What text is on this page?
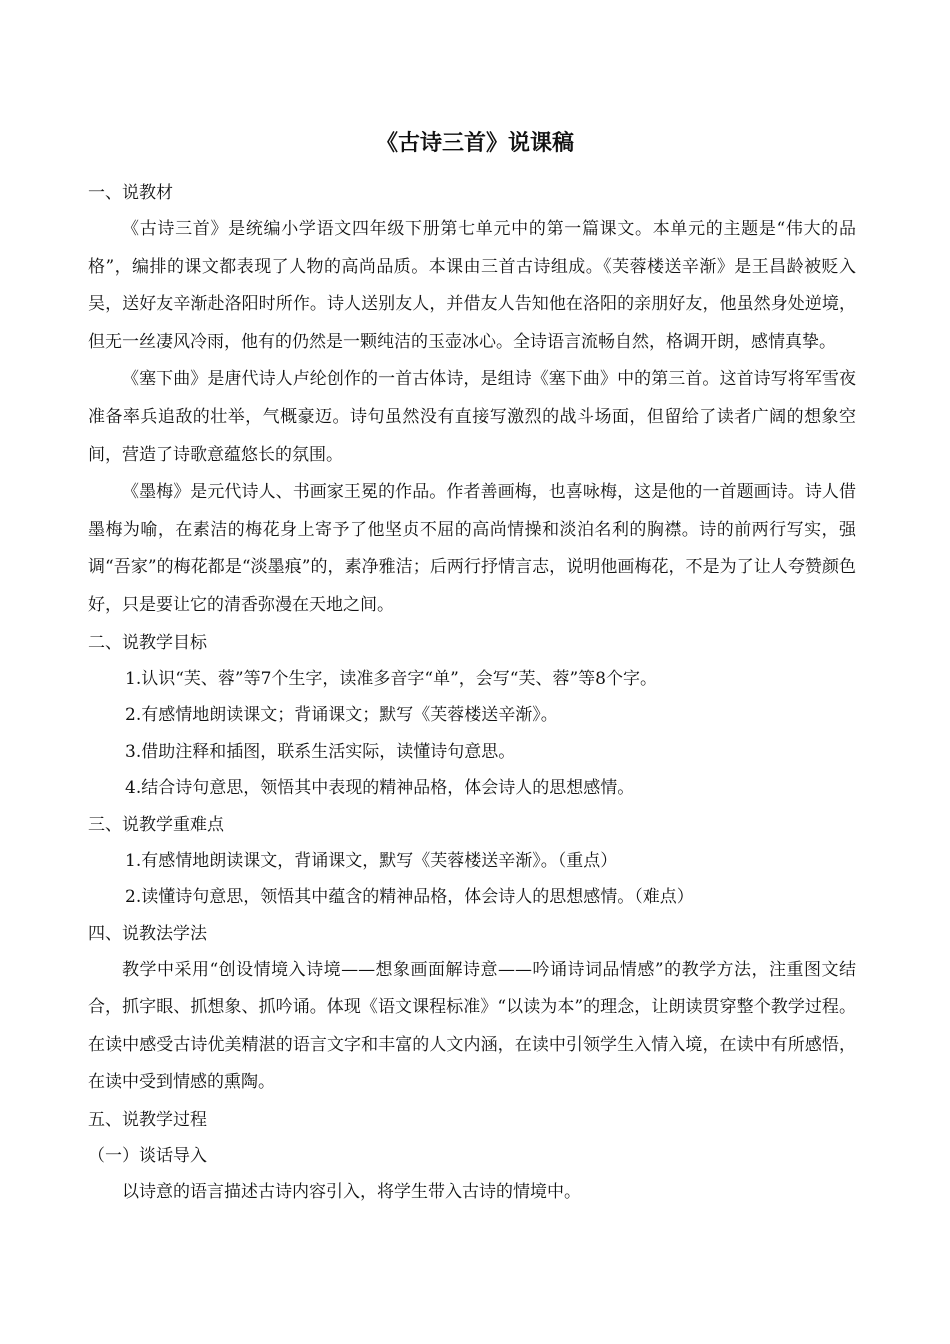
《古诗三首》说课稿

一、说教材

《古诗三首》是统编小学语文四年级下册第七单元中的第一篇课文。本单元的主题是“伟大的品格”，编排的课文都表现了人物的高尚品质。本课由三首古诗组成。《芙蓉楼送辛渐》是王昌龄被贬入吴，送好友辛渐赴洛阳时所作。诗人送别友人，并借友人告知他在洛阳的亲朋好友，他虽然身处逆境，但无一丝凄风冷雨，他有的仍然是一颗纯洁的玉壶冰心。全诗语言流畅自然，格调开朗，感情真挚。

《塞下曲》是唐代诗人卢纶创作的一首古体诗，是组诗《塞下曲》中的第三首。这首诗写将军雪夜准备率兵追敌的壮举，气概豪迈。诗句虽然没有直接写激烈的战斗场面，但留给了读者广阔的想象空间，营造了诗歌意蕴悠长的氛围。

《墨梅》是元代诗人、书画家王冕的作品。作者善画梅，也喜咏梅，这是他的一首题画诗。诗人借墨梅为喻，在素洁的梅花身上寄予了他坚贞不屈的高尚情操和淡泊名利的胸襟。诗的前两行写实，强调“吾家”的梅花都是“淡墨痕”的，素净雅洁；后两行抒情言志，说明他画梅花，不是为了让人夸赞颜色好，只是要让它的清香弥漫在天地之间。

二、说教学目标

1.认识“芙、蓉”等7个生字，读准多音字“单”，会写“芙、蓉”等8个字。

2.有感情地朗读课文；背诵课文；默写《芙蓉楼送辛渐》。

3.借助注释和插图，联系生活实际，读懂诗句意思。

4.结合诗句意思，领悟其中表现的精神品格，体会诗人的思想感情。

三、说教学重难点

1.有感情地朗读课文，背诵课文，默写《芙蓉楼送辛渐》。（重点）

2.读懂诗句意思，领悟其中蕴含的精神品格，体会诗人的思想感情。（难点）

四、说教法学法

教学中采用“创设情境入诗境——想象画面解诗意——吟诵诗词品情感”的教学方法，注重图文结合，抓字眼、抓想象、抓吟诵。体现《语文课程标准》“以读为本”的理念，让朗读贯穿整个教学过程。在读中感受古诗优美精湛的语言文字和丰富的人文内涵，在读中引领学生入情入境，在读中有所感悟，在读中受到情感的熏陶。

五、说教学过程

（一）谈话导入

以诗意的语言描述古诗内容引入，将学生带入古诗的情境中。
